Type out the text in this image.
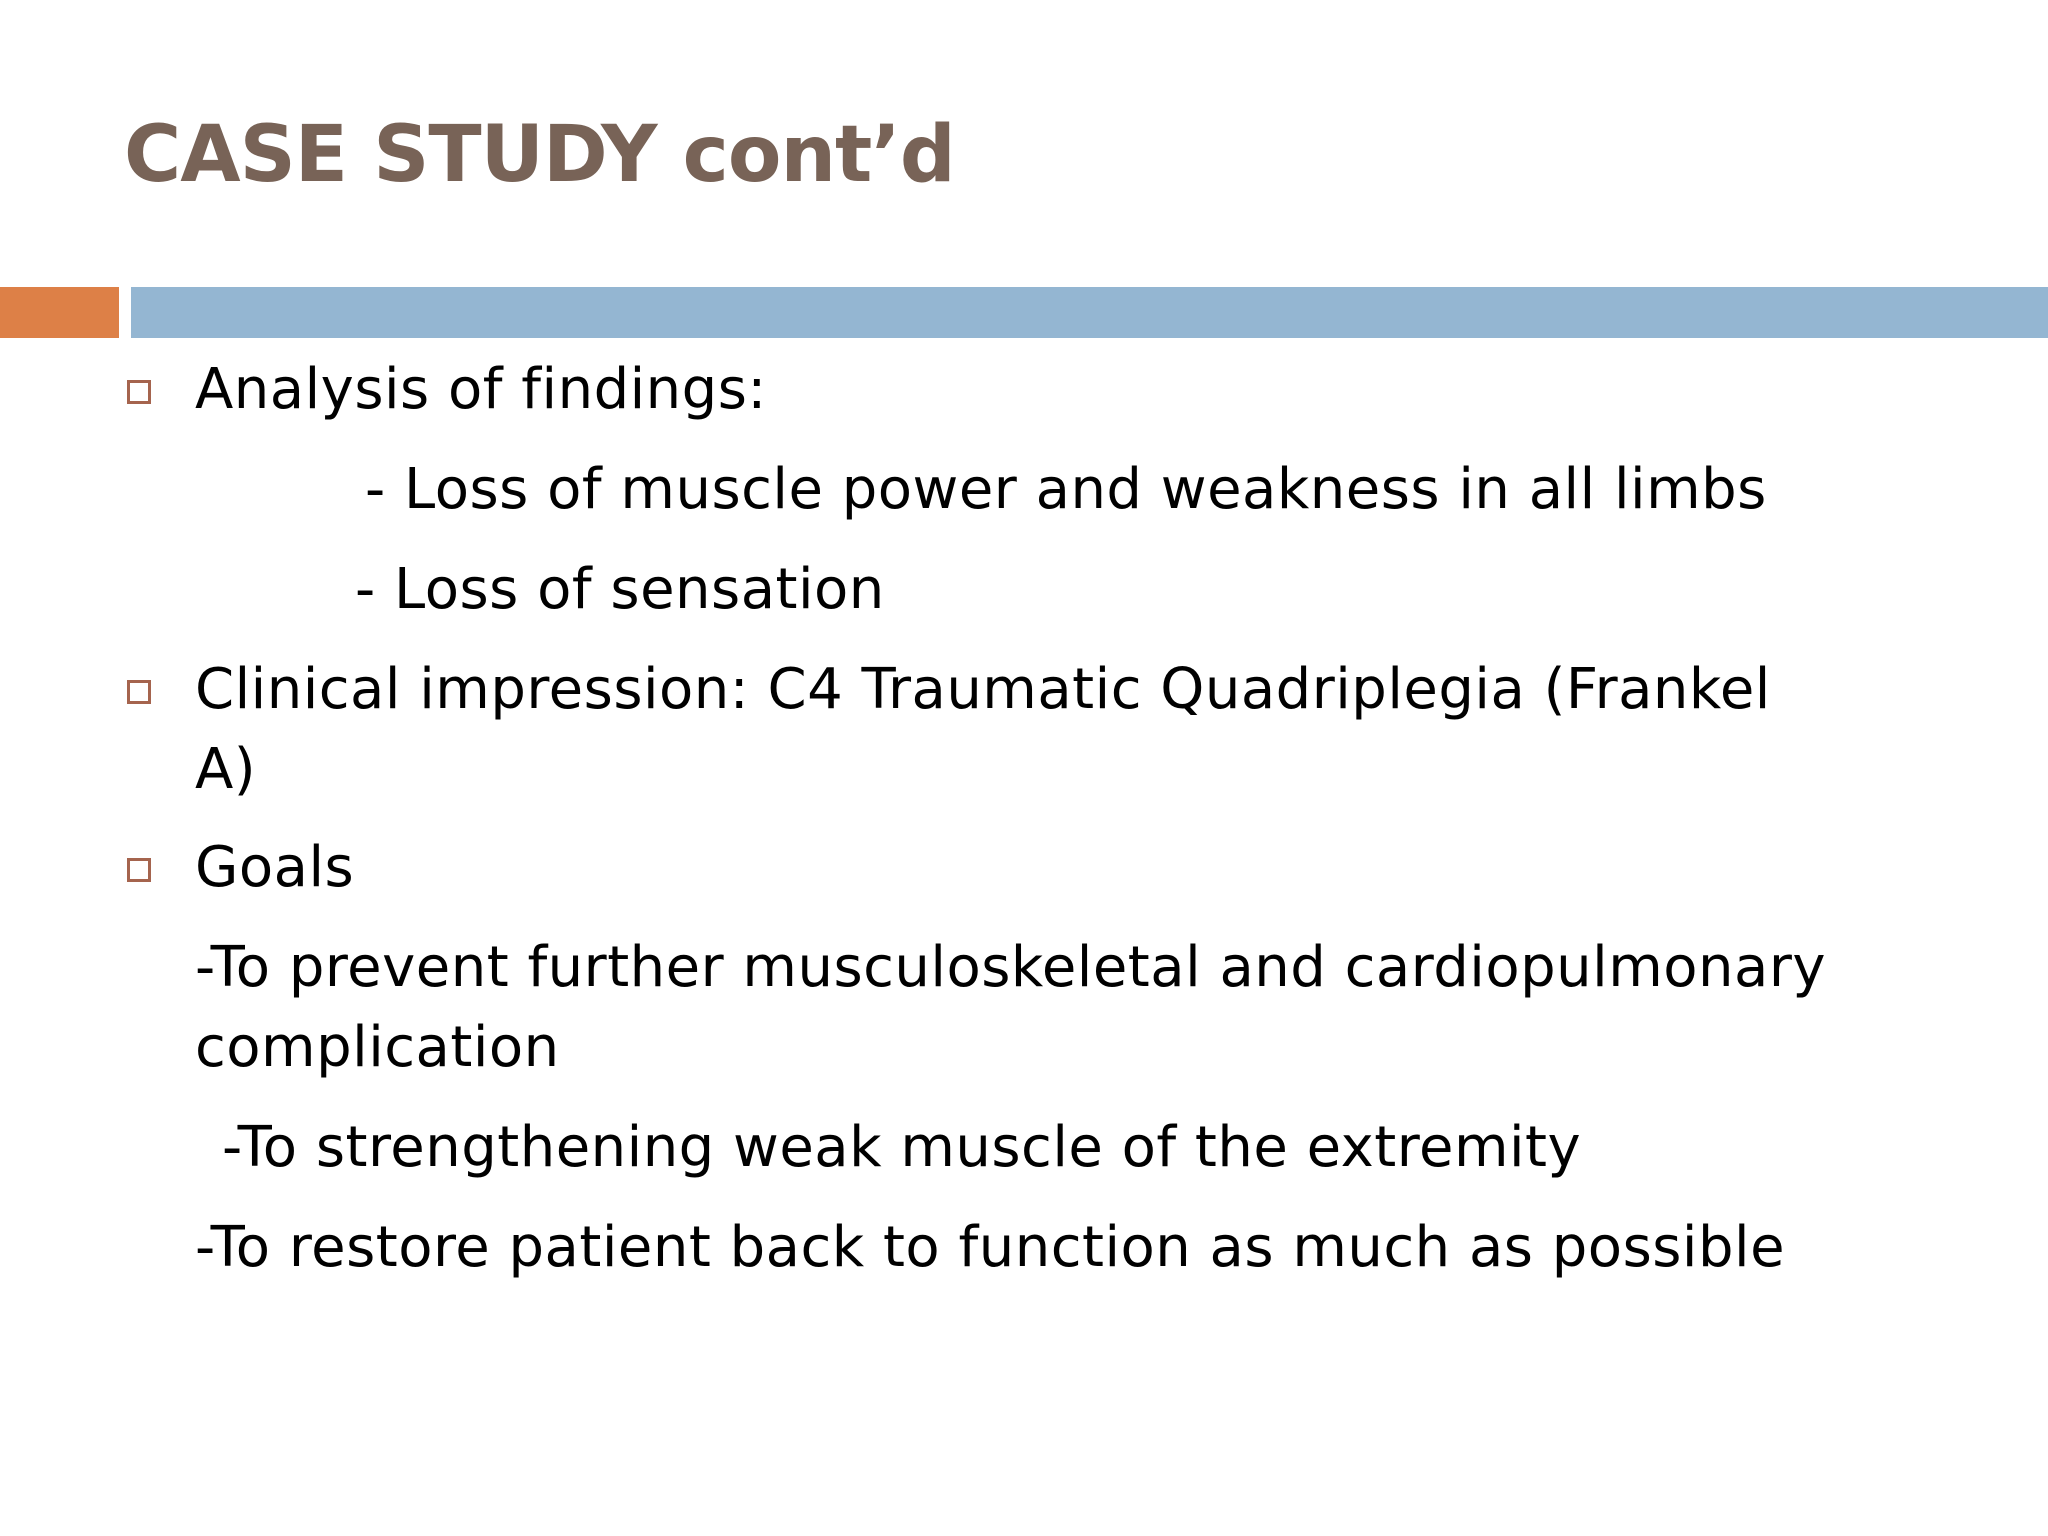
CASE STUDY cont’d
Analysis of findings:
- Loss of muscle power and weakness in all limbs
- Loss of sensation
Clinical impression: C4 Traumatic Quadriplegia (Frankel
A)
Goals
-To prevent further musculoskeletal and cardiopulmonary
complication
-To strengthening weak muscle of the extremity
-To restore patient back to function as much as possible
